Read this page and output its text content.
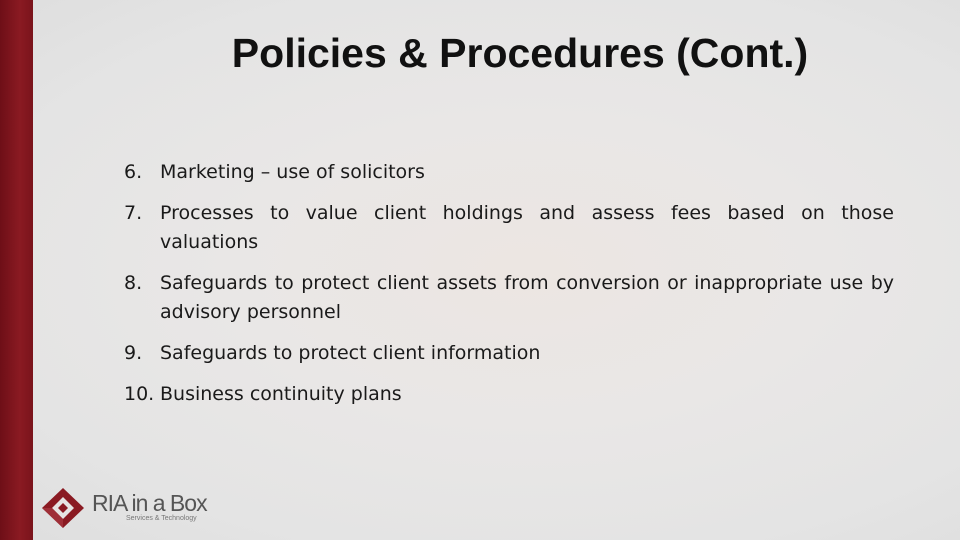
Policies & Procedures (Cont.)
6. Marketing – use of solicitors
7. Processes to value client holdings and assess fees based on those valuations
8. Safeguards to protect client assets from conversion or inappropriate use by advisory personnel
9. Safeguards to protect client information
10. Business continuity plans
RIA in a Box
Services & Technology
